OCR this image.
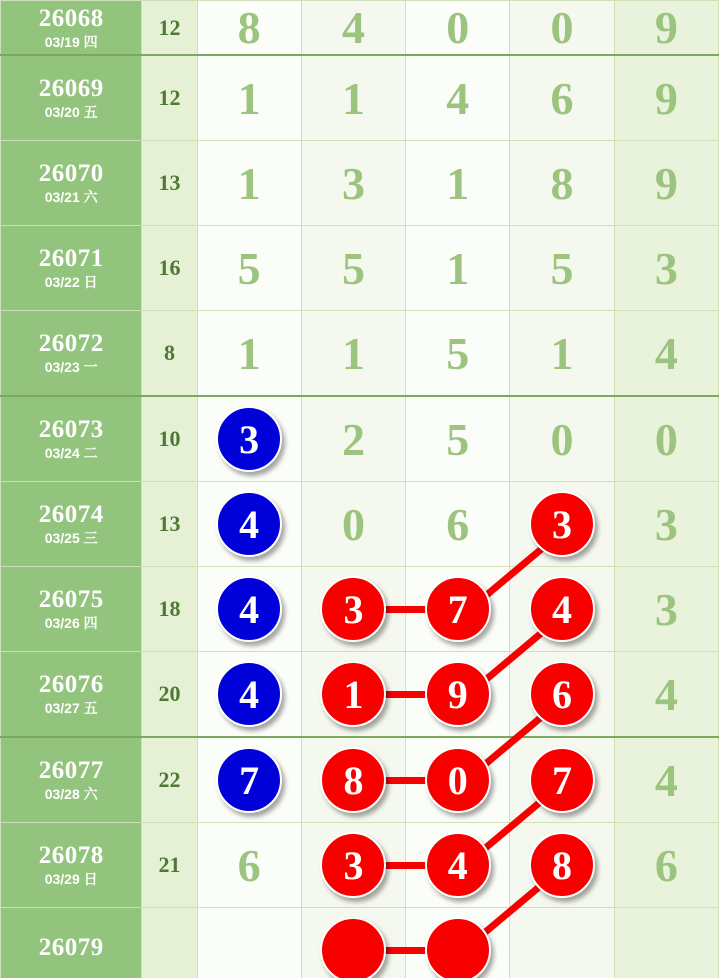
26068
03/19 四	12	8	4	0	0	9

26069
03/20 五	12	1	1	4	6	9

26070
03/21 六	13	1	3	1	8	9

26071
03/22 日	16	5	5	1	5	3

26072
03/23 一	8	1	1	5	1	4

26073
03/24 二	10	3	2	5	0	0

26074
03/25 三	13	4	0	6	3	3

26075
03/26 四	18	4	3	7	4	3

26076
03/27 五	20	4	1	9	6	4

26077
03/28 六	22	7	8	0	7	4

26078
03/29 日	21	6	3	4	8	6

26079						
